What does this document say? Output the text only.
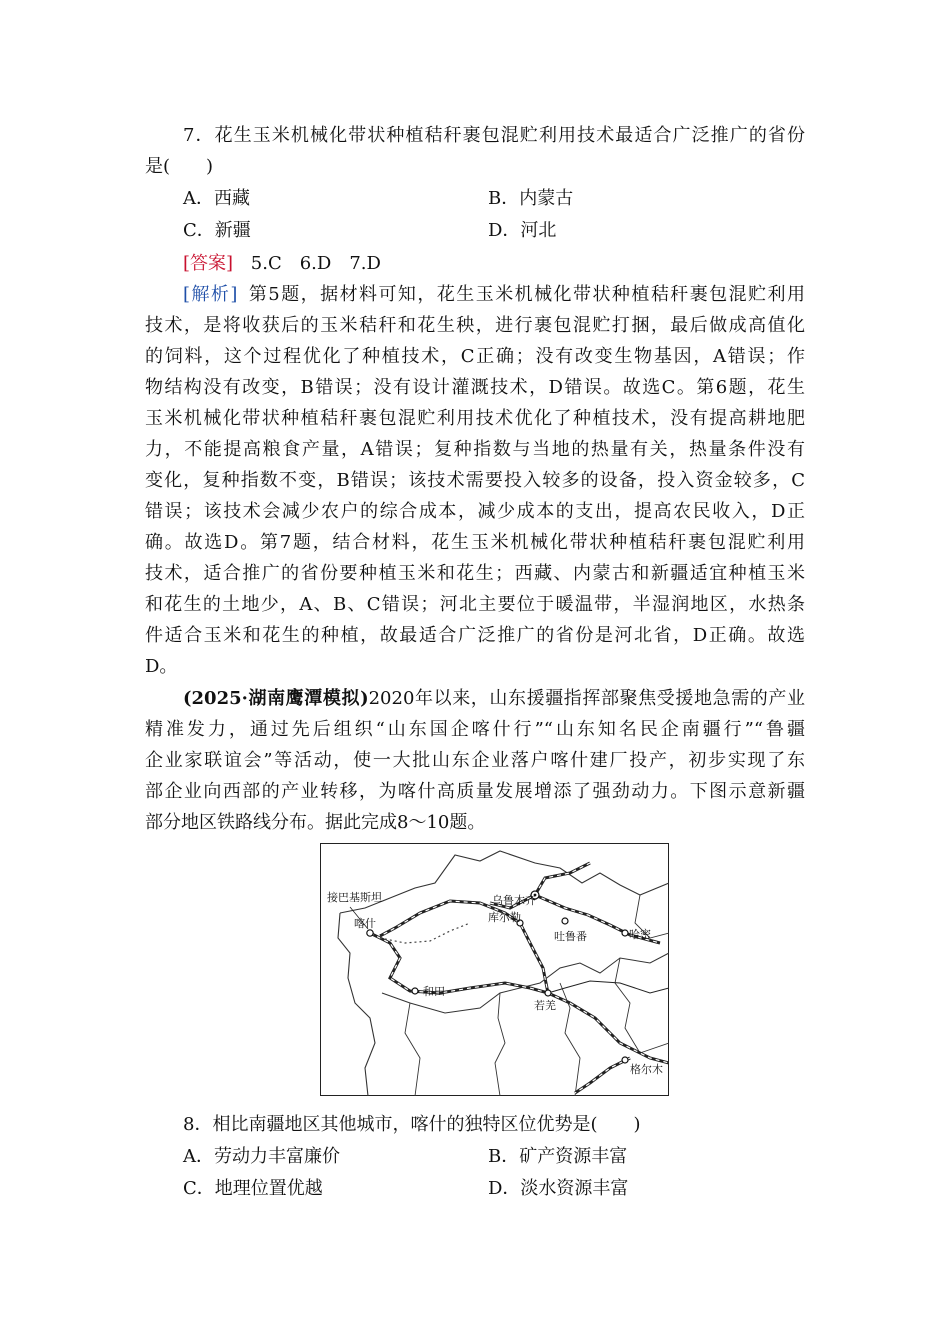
7．花生玉米机械化带状种植秸秆裹包混贮利用技术最适合广泛推广的省份
是(　　)
A．西藏	B．内蒙古
C．新疆	D．河北
[答案] 5.C　6.D　7.D
[解析] 第5题，据材料可知，花生玉米机械化带状种植秸秆裹包混贮利用
技术，是将收获后的玉米秸秆和花生秧，进行裹包混贮打捆，最后做成高值化
的饲料，这个过程优化了种植技术，C正确；没有改变生物基因，A错误；作
物结构没有改变，B错误；没有设计灌溉技术，D错误。故选C。第6题，花生
玉米机械化带状种植秸秆裹包混贮利用技术优化了种植技术，没有提高耕地肥
力，不能提高粮食产量，A错误；复种指数与当地的热量有关，热量条件没有
变化，复种指数不变，B错误；该技术需要投入较多的设备，投入资金较多，C
错误；该技术会减少农户的综合成本，减少成本的支出，提高农民收入，D正
确。故选D。第7题，结合材料，花生玉米机械化带状种植秸秆裹包混贮利用
技术，适合推广的省份要种植玉米和花生；西藏、内蒙古和新疆适宜种植玉米
和花生的土地少，A、B、C错误；河北主要位于暖温带，半湿润地区，水热条
件适合玉米和花生的种植，故最适合广泛推广的省份是河北省，D正确。故选
D。
(2025·湖南鹰潭模拟)2020年以来，山东援疆指挥部聚焦受援地急需的产业
精准发力，通过先后组织“山东国企喀什行”“山东知名民企南疆行”“鲁疆
企业家联谊会”等活动，使一大批山东企业落户喀什建厂投产，初步实现了东
部企业向西部的产业转移，为喀什高质量发展增添了强劲动力。下图示意新疆
部分地区铁路线分布。据此完成8～10题。
接巴基斯坦
喀什
乌鲁木齐
库尔勒
吐鲁番	哈密
和田
若羌
格尔木
8．相比南疆地区其他城市，喀什的独特区位优势是(　　)
A．劳动力丰富廉价	B．矿产资源丰富
C．地理位置优越	D．淡水资源丰富
